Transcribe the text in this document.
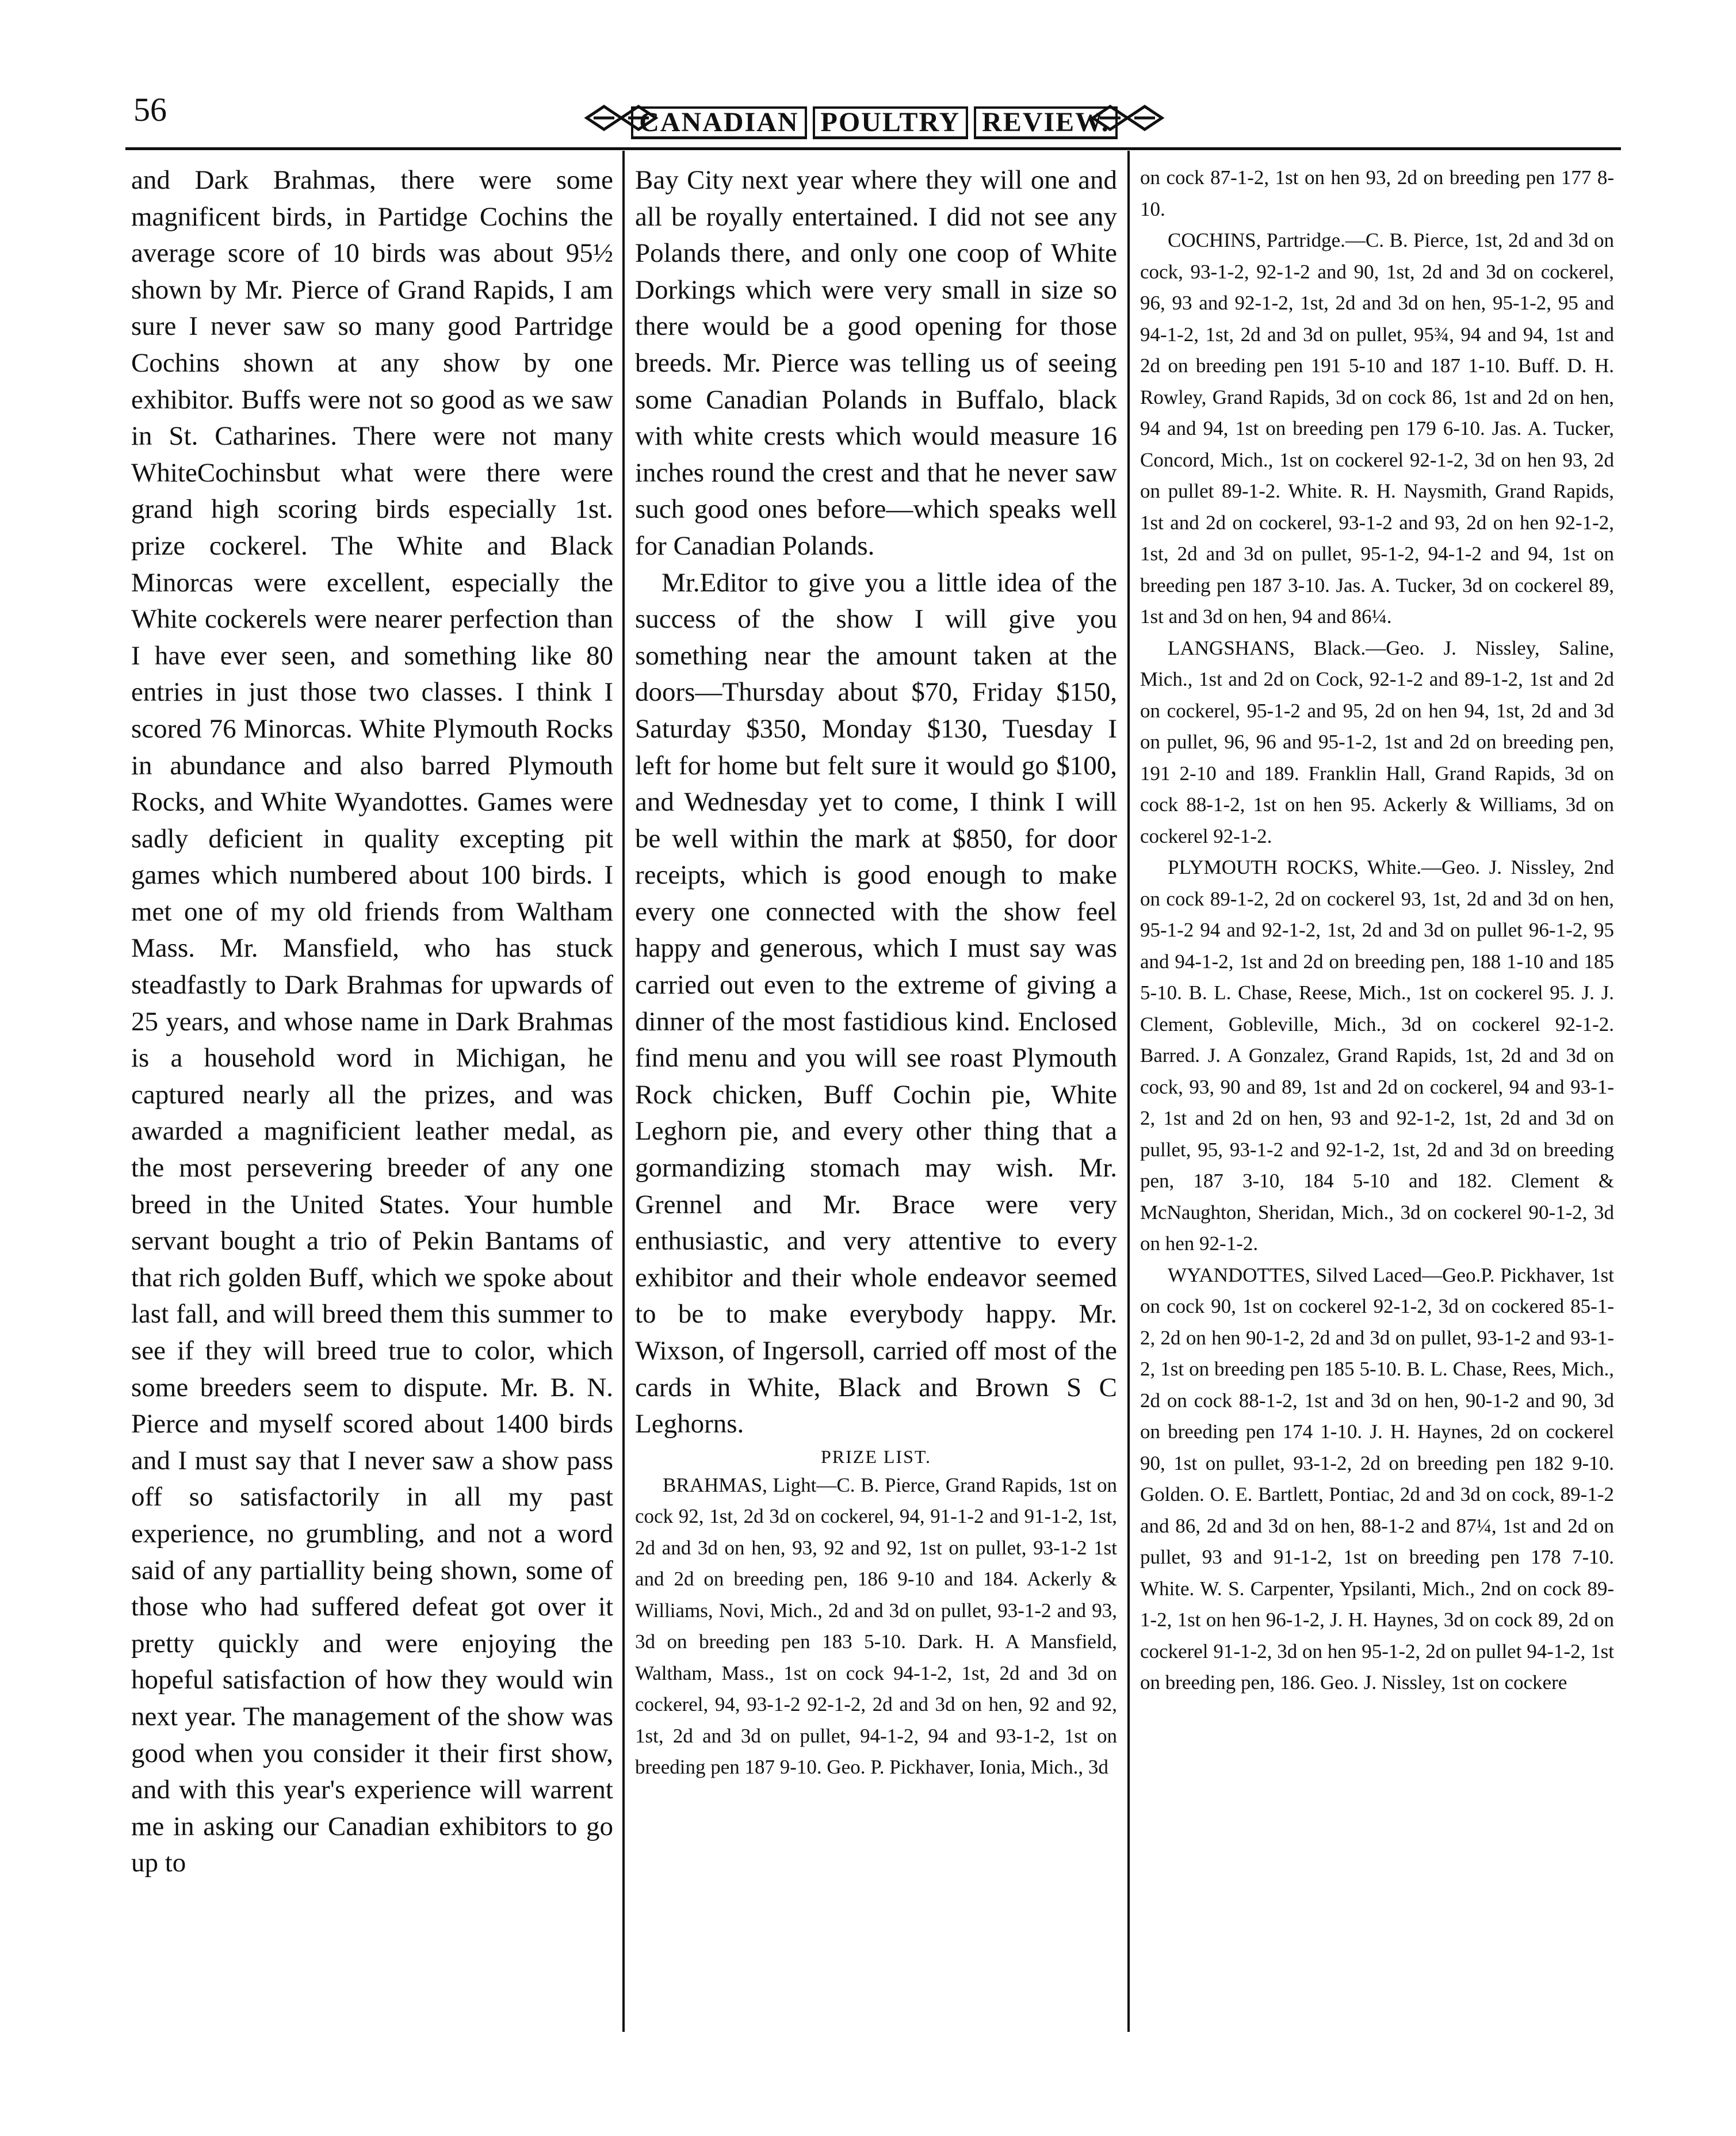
56	CANADIAN POULTRY REVIEW.

and Dark Brahmas, there were some magnificent birds, in Partidge Cochins the average score of 10 birds was about 95½ shown by Mr. Pierce of Grand Rapids, I am sure I never saw so many good Partridge Cochins shown at any show by one exhibitor. Buffs were not so good as we saw in St. Catharines. There were not many WhiteCochinsbut what were there were grand high scoring birds especially 1st. prize cockerel. The White and Black Minorcas were excellent, especially the White cockerels were nearer perfection than I have ever seen, and something like 80 entries in just those two classes. I think I scored 76 Minorcas. White Plymouth Rocks in abundance and also barred Plymouth Rocks, and White Wyandottes. Games were sadly deficient in quality excepting pit games which numbered about 100 birds. I met one of my old friends from Waltham Mass. Mr. Mansfield, who has stuck steadfastly to Dark Brahmas for upwards of 25 years, and whose name in Dark Brahmas is a household word in Michigan, he captured nearly all the prizes, and was awarded a magnificient leather medal, as the most persevering breeder of any one breed in the United States. Your humble servant bought a trio of Pekin Bantams of that rich golden Buff, which we spoke about last fall, and will breed them this summer to see if they will breed true to color, which some breeders seem to dispute. Mr. B. N. Pierce and myself scored about 1400 birds and I must say that I never saw a show pass off so satisfactorily in all my past experience, no grumbling, and not a word said of any partiallity being shown, some of those who had suffered defeat got over it pretty quickly and were enjoying the hopeful satisfaction of how they would win next year. The management of the show was good when you consider it their first show, and with this year's experience will warrent me in asking our Canadian exhibitors to go up to

Bay City next year where they will one and all be royally entertained. I did not see any Polands there, and only one coop of White Dorkings which were very small in size so there would be a good opening for those breeds. Mr. Pierce was telling us of seeing some Canadian Polands in Buffalo, black with white crests which would measure 16 inches round the crest and that he never saw such good ones before—which speaks well for Canadian Polands.

Mr.Editor to give you a little idea of the success of the show I will give you something near the amount taken at the doors—Thursday about $70, Friday $150, Saturday $350, Monday $130, Tuesday I left for home but felt sure it would go $100, and Wednesday yet to come, I think I will be well within the mark at $850, for door receipts, which is good enough to make every one connected with the show feel happy and generous, which I must say was carried out even to the extreme of giving a dinner of the most fastidious kind. Enclosed find menu and you will see roast Plymouth Rock chicken, Buff Cochin pie, White Leghorn pie, and every other thing that a gormandizing stomach may wish. Mr. Grennel and Mr. Brace were very enthusiastic, and very attentive to every exhibitor and their whole endeavor seemed to be to make everybody happy. Mr. Wixson, of Ingersoll, carried off most of the cards in White, Black and Brown S C Leghorns.

PRIZE LIST.

BRAHMAS, Light—C. B. Pierce, Grand Rapids, 1st on cock 92, 1st, 2d 3d on cockerel, 94, 91-1-2 and 91-1-2, 1st, 2d and 3d on hen, 93, 92 and 92, 1st on pullet, 93-1-2 1st and 2d on breeding pen, 186 9-10 and 184. Ackerly & Williams, Novi, Mich., 2d and 3d on pullet, 93-1-2 and 93, 3d on breeding pen 183 5-10. Dark. H. A Mansfield, Waltham, Mass., 1st on cock 94-1-2, 1st, 2d and 3d on cockerel, 94, 93-1-2 92-1-2, 2d and 3d on hen, 92 and 92, 1st, 2d and 3d on pullet, 94-1-2, 94 and 93-1-2, 1st on breeding pen 187 9-10. Geo. P. Pickhaver, Ionia, Mich., 3d

on cock 87-1-2, 1st on hen 93, 2d on breeding pen 177 8-10.

COCHINS, Partridge.—C. B. Pierce, 1st, 2d and 3d on cock, 93-1-2, 92-1-2 and 90, 1st, 2d and 3d on cockerel, 96, 93 and 92-1-2, 1st, 2d and 3d on hen, 95-1-2, 95 and 94-1-2, 1st, 2d and 3d on pullet, 95¾, 94 and 94, 1st and 2d on breeding pen 191 5-10 and 187 1-10. Buff. D. H. Rowley, Grand Rapids, 3d on cock 86, 1st and 2d on hen, 94 and 94, 1st on breeding pen 179 6-10. Jas. A. Tucker, Concord, Mich., 1st on cockerel 92-1-2, 3d on hen 93, 2d on pullet 89-1-2. White. R. H. Naysmith, Grand Rapids, 1st and 2d on cockerel, 93-1-2 and 93, 2d on hen 92-1-2, 1st, 2d and 3d on pullet, 95-1-2, 94-1-2 and 94, 1st on breeding pen 187 3-10. Jas. A. Tucker, 3d on cockerel 89, 1st and 3d on hen, 94 and 86¼.

LANGSHANS, Black.—Geo. J. Nissley, Saline, Mich., 1st and 2d on Cock, 92-1-2 and 89-1-2, 1st and 2d on cockerel, 95-1-2 and 95, 2d on hen 94, 1st, 2d and 3d on pullet, 96, 96 and 95-1-2, 1st and 2d on breeding pen, 191 2-10 and 189. Franklin Hall, Grand Rapids, 3d on cock 88-1-2, 1st on hen 95. Ackerly & Williams, 3d on cockerel 92-1-2.

PLYMOUTH ROCKS, White.—Geo. J. Nissley, 2nd on cock 89-1-2, 2d on cockerel 93, 1st, 2d and 3d on hen, 95-1-2 94 and 92-1-2, 1st, 2d and 3d on pullet 96-1-2, 95 and 94-1-2, 1st and 2d on breeding pen, 188 1-10 and 185 5-10. B. L. Chase, Reese, Mich., 1st on cockerel 95. J. J. Clement, Gobleville, Mich., 3d on cockerel 92-1-2. Barred. J. A Gonzalez, Grand Rapids, 1st, 2d and 3d on cock, 93, 90 and 89, 1st and 2d on cockerel, 94 and 93-1-2, 1st and 2d on hen, 93 and 92-1-2, 1st, 2d and 3d on pullet, 95, 93-1-2 and 92-1-2, 1st, 2d and 3d on breeding pen, 187 3-10, 184 5-10 and 182. Clement & McNaughton, Sheridan, Mich., 3d on cockerel 90-1-2, 3d on hen 92-1-2.

WYANDOTTES, Silved Laced—Geo.P. Pickhaver, 1st on cock 90, 1st on cockerel 92-1-2, 3d on cockered 85-1-2, 2d on hen 90-1-2, 2d and 3d on pullet, 93-1-2 and 93-1-2, 1st on breeding pen 185 5-10. B. L. Chase, Rees, Mich., 2d on cock 88-1-2, 1st and 3d on hen, 90-1-2 and 90, 3d on breeding pen 174 1-10. J. H. Haynes, 2d on cockerel 90, 1st on pullet, 93-1-2, 2d on breeding pen 182 9-10. Golden. O. E. Bartlett, Pontiac, 2d and 3d on cock, 89-1-2 and 86, 2d and 3d on hen, 88-1-2 and 87¼, 1st and 2d on pullet, 93 and 91-1-2, 1st on breeding pen 178 7-10. White. W. S. Carpenter, Ypsilanti, Mich., 2nd on cock 89-1-2, 1st on hen 96-1-2, J. H. Haynes, 3d on cock 89, 2d on cockerel 91-1-2, 3d on hen 95-1-2, 2d on pullet 94-1-2, 1st on breeding pen, 186. Geo. J. Nissley, 1st on cockere
